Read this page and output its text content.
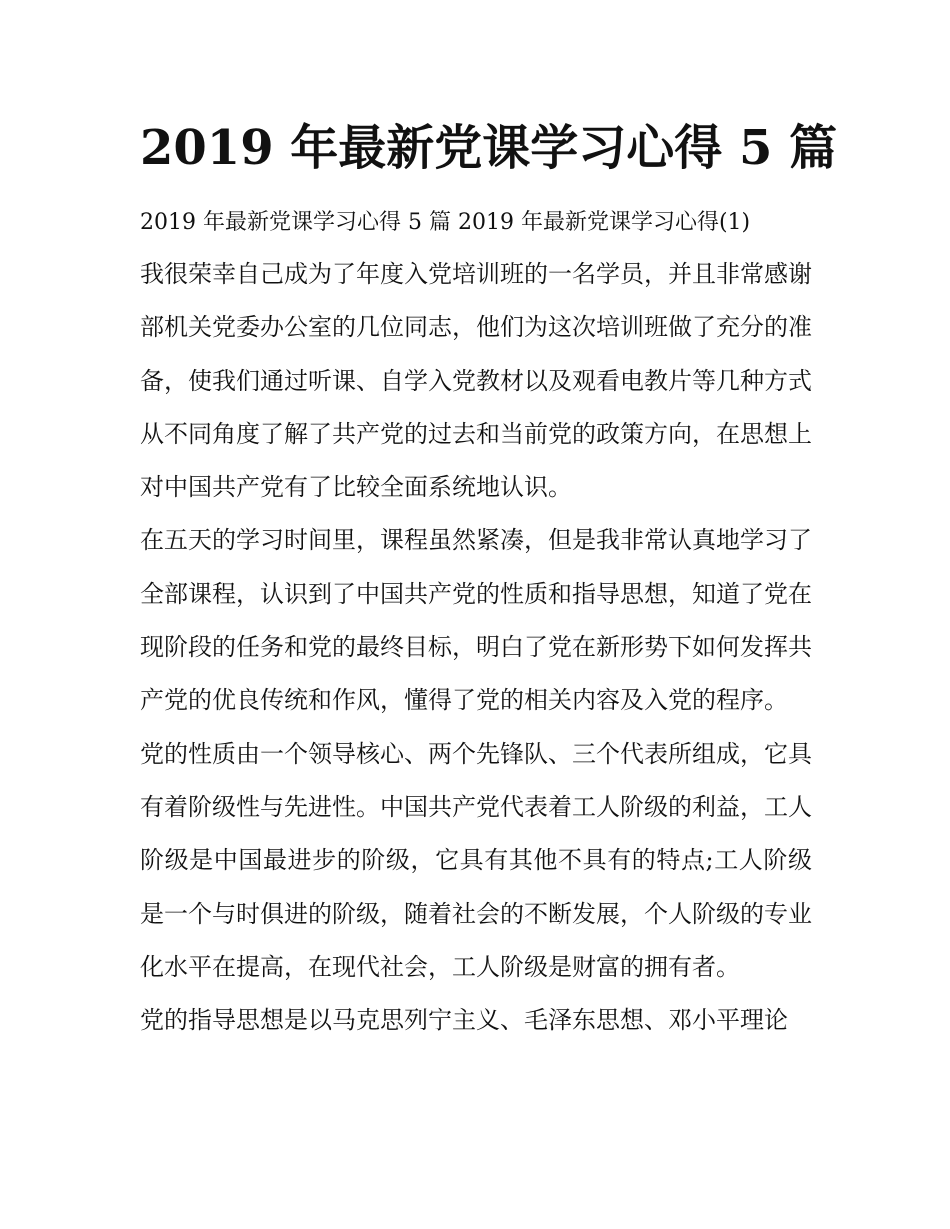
2019 年最新党课学习心得 5 篇

2019 年最新党课学习心得 5 篇 2019 年最新党课学习心得(1)

我很荣幸自己成为了年度入党培训班的一名学员，并且非常感谢部机关党委办公室的几位同志，他们为这次培训班做了充分的准备，使我们通过听课、自学入党教材以及观看电教片等几种方式从不同角度了解了共产党的过去和当前党的政策方向，在思想上对中国共产党有了比较全面系统地认识。

在五天的学习时间里，课程虽然紧凑，但是我非常认真地学习了全部课程，认识到了中国共产党的性质和指导思想，知道了党在现阶段的任务和党的最终目标，明白了党在新形势下如何发挥共产党的优良传统和作风，懂得了党的相关内容及入党的程序。

党的性质由一个领导核心、两个先锋队、三个代表所组成，它具有着阶级性与先进性。中国共产党代表着工人阶级的利益，工人阶级是中国最进步的阶级，它具有其他不具有的特点;工人阶级是一个与时俱进的阶级，随着社会的不断发展，个人阶级的专业化水平在提高，在现代社会，工人阶级是财富的拥有者。

党的指导思想是以马克思列宁主义、毛泽东思想、邓小平理论
